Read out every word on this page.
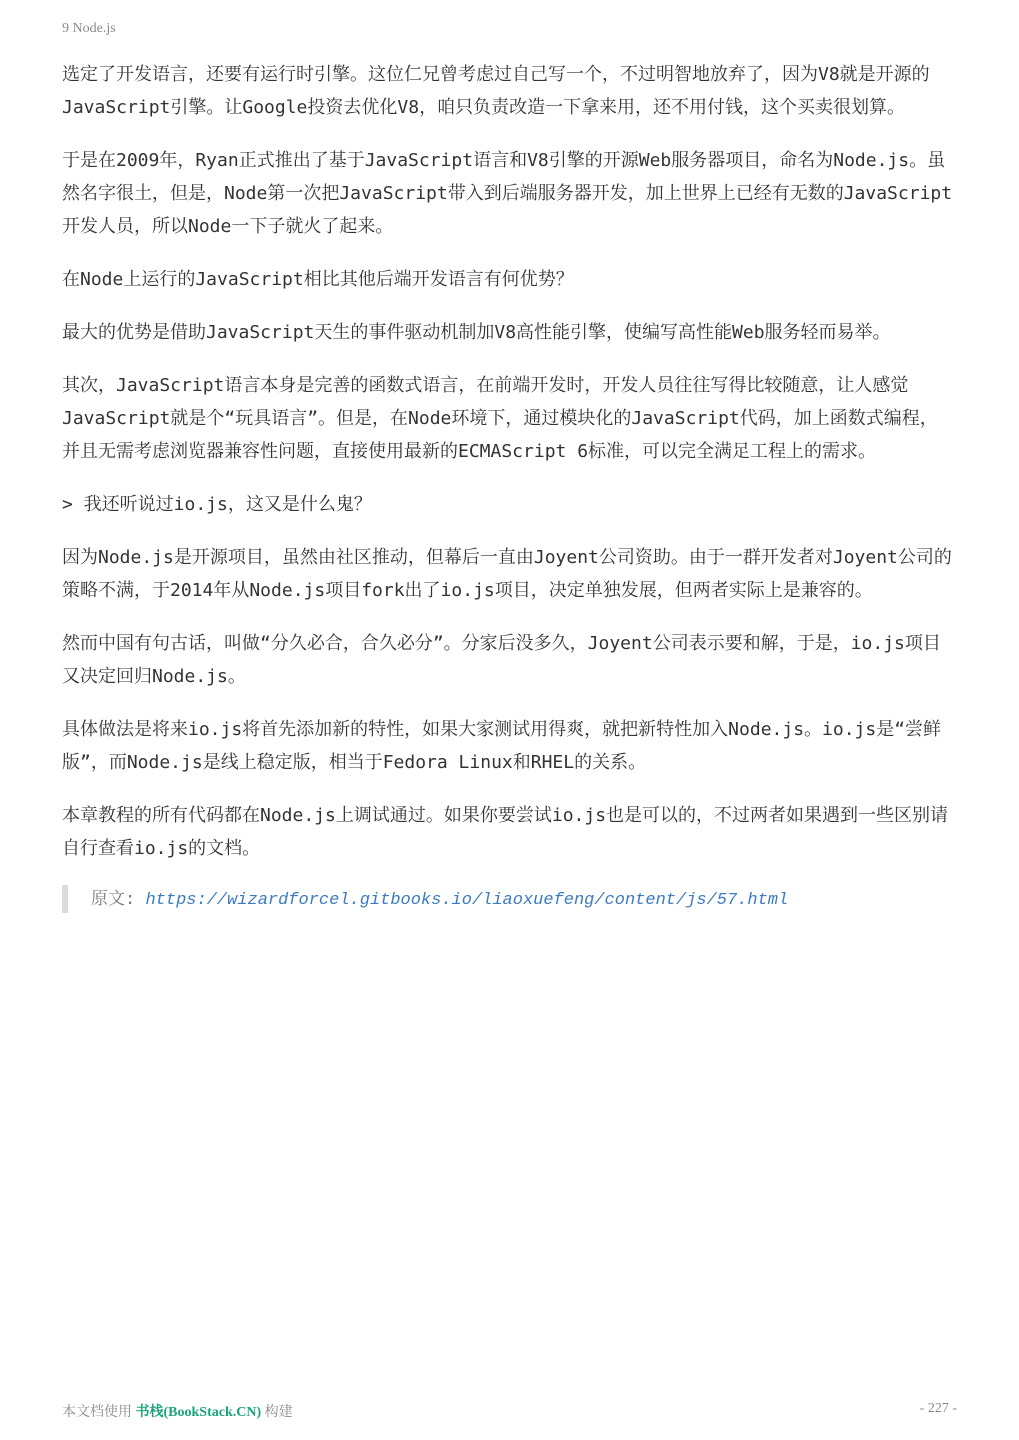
9 Node.js

选定了开发语言，还要有运行时引擎。这位仁兄曾考虑过自己写一个，不过明智地放弃了，因为V8就是开源的JavaScript引擎。让Google投资去优化V8，咱只负责改造一下拿来用，还不用付钱，这个买卖很划算。

于是在2009年，Ryan正式推出了基于JavaScript语言和V8引擎的开源Web服务器项目，命名为Node.js。虽然名字很土，但是，Node第一次把JavaScript带入到后端服务器开发，加上世界上已经有无数的JavaScript开发人员，所以Node一下子就火了起来。

在Node上运行的JavaScript相比其他后端开发语言有何优势？

最大的优势是借助JavaScript天生的事件驱动机制加V8高性能引擎，使编写高性能Web服务轻而易举。

其次，JavaScript语言本身是完善的函数式语言，在前端开发时，开发人员往往写得比较随意，让人感觉JavaScript就是个“玩具语言”。但是，在Node环境下，通过模块化的JavaScript代码，加上函数式编程，并且无需考虑浏览器兼容性问题，直接使用最新的ECMAScript 6标准，可以完全满足工程上的需求。

> 我还听说过io.js，这又是什么鬼？

因为Node.js是开源项目，虽然由社区推动，但幕后一直由Joyent公司资助。由于一群开发者对Joyent公司的策略不满，于2014年从Node.js项目fork出了io.js项目，决定单独发展，但两者实际上是兼容的。

然而中国有句古话，叫做“分久必合，合久必分”。分家后没多久，Joyent公司表示要和解，于是，io.js项目又决定回归Node.js。

具体做法是将来io.js将首先添加新的特性，如果大家测试用得爽，就把新特性加入Node.js。io.js是“尝鲜版”，而Node.js是线上稳定版，相当于Fedora Linux和RHEL的关系。

本章教程的所有代码都在Node.js上调试通过。如果你要尝试io.js也是可以的，不过两者如果遇到一些区别请自行查看io.js的文档。

原文: https://wizardforcel.gitbooks.io/liaoxuefeng/content/js/57.html
本文档使用 书栈(BookStack.CN) 构建	- 227 -
